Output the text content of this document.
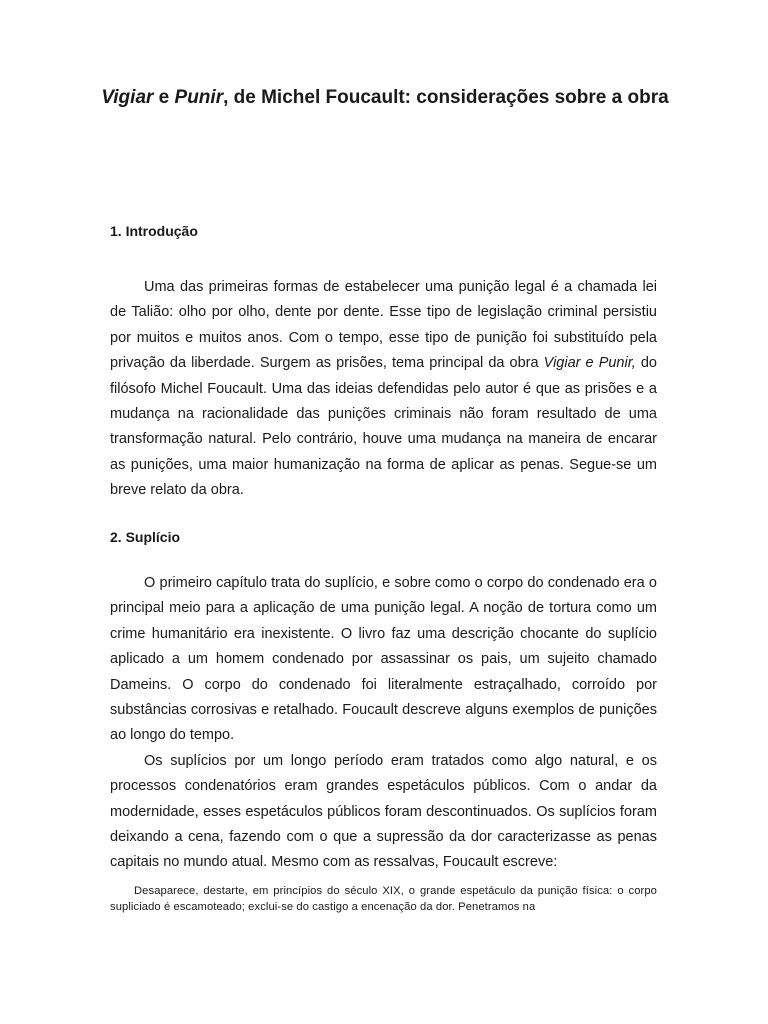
Vigiar e Punir, de Michel Foucault: considerações sobre a obra
1. Introdução

Uma das primeiras formas de estabelecer uma punição legal é a chamada lei de Talião: olho por olho, dente por dente. Esse tipo de legislação criminal persistiu por muitos e muitos anos. Com o tempo, esse tipo de punição foi substituído pela privação da liberdade. Surgem as prisões, tema principal da obra Vigiar e Punir, do filósofo Michel Foucault. Uma das ideias defendidas pelo autor é que as prisões e a mudança na racionalidade das punições criminais não foram resultado de uma transformação natural. Pelo contrário, houve uma mudança na maneira de encarar as punições, uma maior humanização na forma de aplicar as penas. Segue-se um breve relato da obra.

2. Suplício

O primeiro capítulo trata do suplício, e sobre como o corpo do condenado era o principal meio para a aplicação de uma punição legal. A noção de tortura como um crime humanitário era inexistente. O livro faz uma descrição chocante do suplício aplicado a um homem condenado por assassinar os pais, um sujeito chamado Dameins. O corpo do condenado foi literalmente estraçalhado, corroído por substâncias corrosivas e retalhado. Foucault descreve alguns exemplos de punições ao longo do tempo.

Os suplícios por um longo período eram tratados como algo natural, e os processos condenatórios eram grandes espetáculos públicos. Com o andar da modernidade, esses espetáculos públicos foram descontinuados. Os suplícios foram deixando a cena, fazendo com o que a supressão da dor caracterizasse as penas capitais no mundo atual. Mesmo com as ressalvas, Foucault escreve:

Desaparece, destarte, em princípios do século XIX, o grande espetáculo da punição física: o corpo supliciado é escamoteado; exclui-se do castigo a encenação da dor. Penetramos na
